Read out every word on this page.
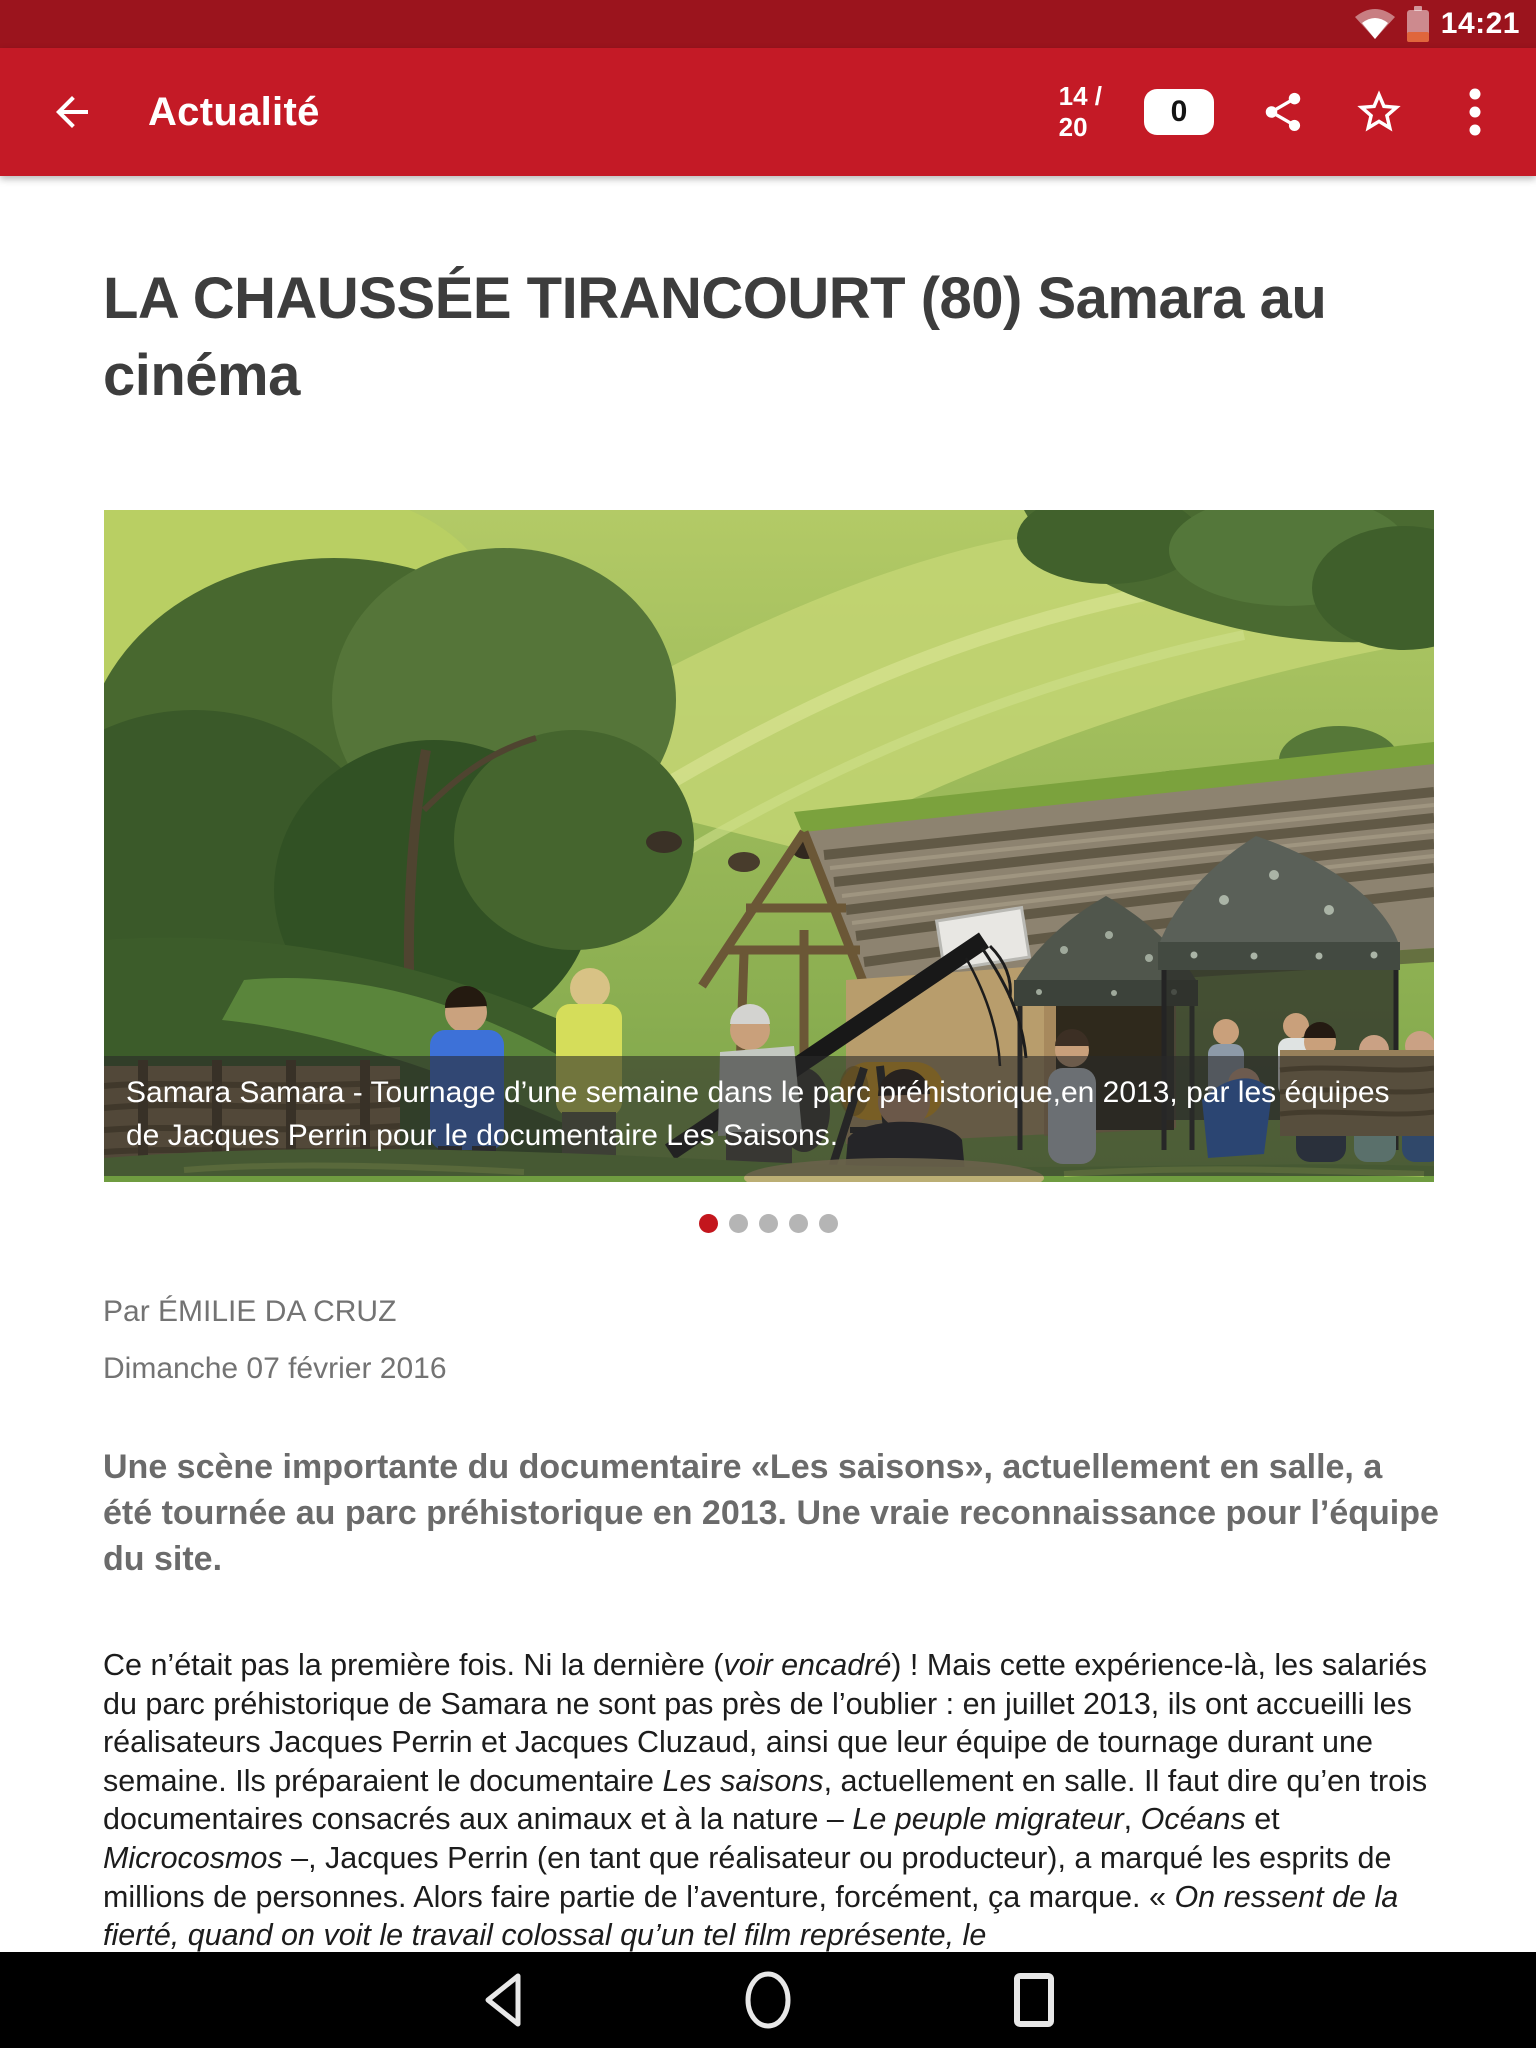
14:21
Actualité	14 /
20	0
LA CHAUSSÉE TIRANCOURT (80) Samara au cinéma
Samara Samara - Tournage d’une semaine dans le parc préhistorique,en 2013, par les équipes de Jacques Perrin pour le documentaire Les Saisons.
Par ÉMILIE DA CRUZ
Dimanche 07 février 2016

Une scène importante du documentaire «Les saisons», actuellement en salle, a été tournée au parc préhistorique en 2013. Une vraie reconnaissance pour l’équipe du site.

Ce n’était pas la première fois. Ni la dernière (voir encadré) ! Mais cette expérience-là, les salariés du parc préhistorique de Samara ne sont pas près de l’oublier : en juillet 2013, ils ont accueilli les réalisateurs Jacques Perrin et Jacques Cluzaud, ainsi que leur équipe de tournage durant une semaine. Ils préparaient le documentaire Les saisons, actuellement en salle. Il faut dire qu’en trois documentaires consacrés aux animaux et à la nature – Le peuple migrateur, Océans et Microcosmos –, Jacques Perrin (en tant que réalisateur ou producteur), a marqué les esprits de millions de personnes. Alors faire partie de l’aventure, forcément, ça marque. « On ressent de la fierté, quand on voit le travail colossal qu’un tel film représente, le
